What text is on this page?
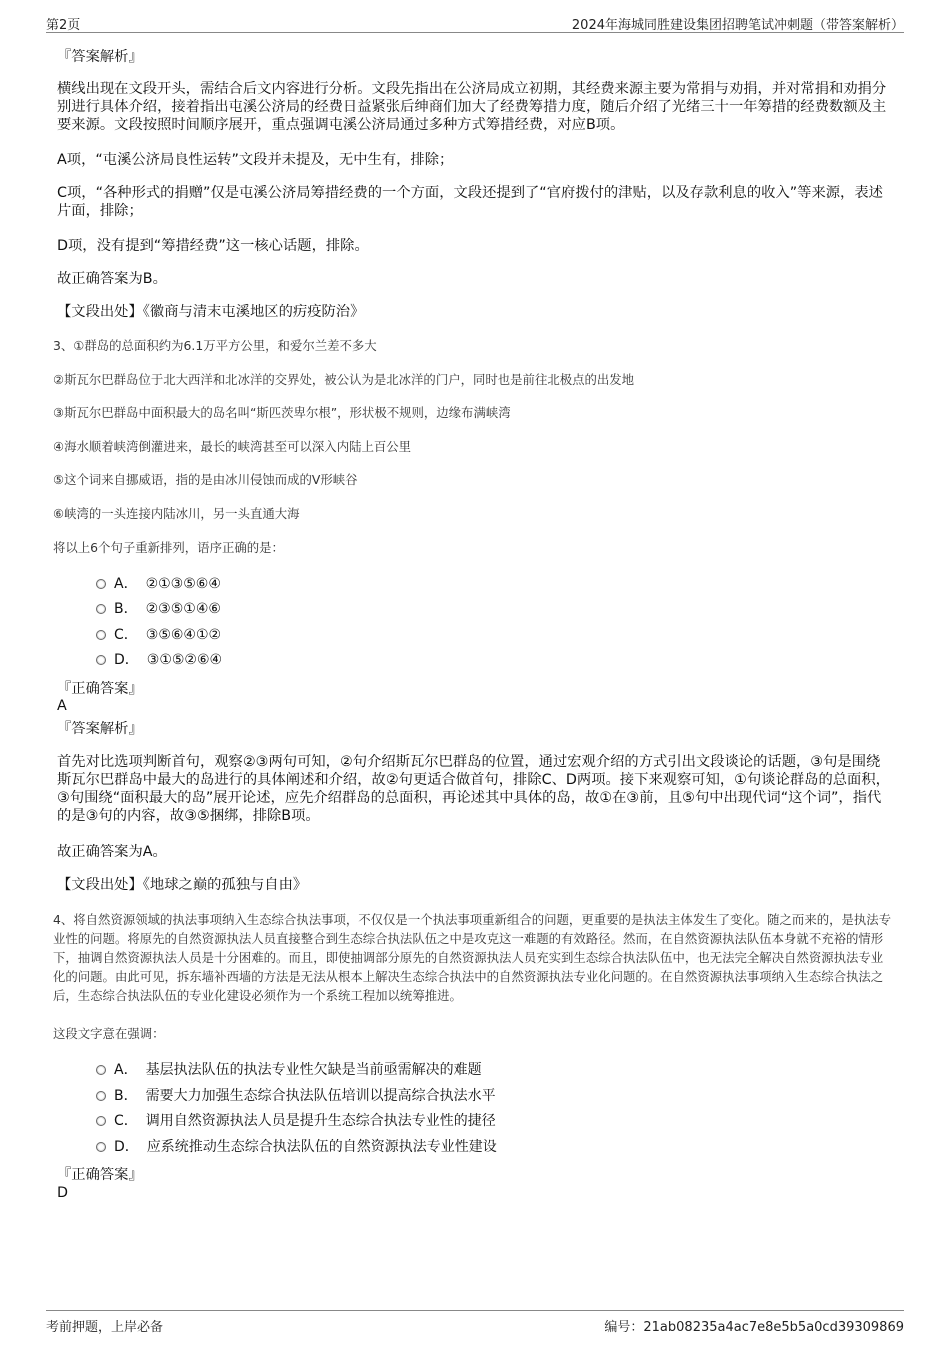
第2页	2024年海城同胜建设集团招聘笔试冲刺题（带答案解析）

『答案解析』

横线出现在文段开头，需结合后文内容进行分析。文段先指出在公济局成立初期，其经费来源主要为常捐与劝捐，并对常捐和劝捐分别进行具体介绍，接着指出屯溪公济局的经费日益紧张后绅商们加大了经费筹措力度，随后介绍了光绪三十一年筹措的经费数额及主要来源。文段按照时间顺序展开，重点强调屯溪公济局通过多种方式筹措经费，对应B项。

A项，“屯溪公济局良性运转”文段并未提及，无中生有，排除；

C项，“各种形式的捐赠”仅是屯溪公济局筹措经费的一个方面，文段还提到了“官府拨付的津贴，以及存款利息的收入”等来源，表述片面，排除；

D项，没有提到“筹措经费”这一核心话题，排除。

故正确答案为B。

【文段出处】《徽商与清末屯溪地区的疠疫防治》

3、①群岛的总面积约为6.1万平方公里，和爱尔兰差不多大

②斯瓦尔巴群岛位于北大西洋和北冰洋的交界处，被公认为是北冰洋的门户，同时也是前往北极点的出发地

③斯瓦尔巴群岛中面积最大的岛名叫“斯匹茨卑尔根”，形状极不规则，边缘布满峡湾

④海水顺着峡湾倒灌进来，最长的峡湾甚至可以深入内陆上百公里

⑤这个词来自挪威语，指的是由冰川侵蚀而成的V形峡谷

⑥峡湾的一头连接内陆冰川，另一头直通大海

将以上6个句子重新排列，语序正确的是：

A． ②①③⑤⑥④
B． ②③⑤①④⑥
C． ③⑤⑥④①②
D． ③①⑤②⑥④

『正确答案』

A

『答案解析』

首先对比选项判断首句，观察②③两句可知，②句介绍斯瓦尔巴群岛的位置，通过宏观介绍的方式引出文段谈论的话题，③句是围绕斯瓦尔巴群岛中最大的岛进行的具体阐述和介绍，故②句更适合做首句，排除C、D两项。接下来观察可知，①句谈论群岛的总面积，③句围绕“面积最大的岛”展开论述，应先介绍群岛的总面积，再论述其中具体的岛，故①在③前，且⑤句中出现代词“这个词”，指代的是③句的内容，故③⑤捆绑，排除B项。

故正确答案为A。

【文段出处】《地球之巅的孤独与自由》

4、将自然资源领域的执法事项纳入生态综合执法事项，不仅仅是一个执法事项重新组合的问题，更重要的是执法主体发生了变化。随之而来的，是执法专业性的问题。将原先的自然资源执法人员直接整合到生态综合执法队伍之中是攻克这一难题的有效路径。然而，在自然资源执法队伍本身就不充裕的情形下，抽调自然资源执法人员是十分困难的。而且，即使抽调部分原先的自然资源执法人员充实到生态综合执法队伍中，也无法完全解决自然资源执法专业化的问题。由此可见，拆东墙补西墙的方法是无法从根本上解决生态综合执法中的自然资源执法专业化问题的。在自然资源执法事项纳入生态综合执法之后，生态综合执法队伍的专业化建设必须作为一个系统工程加以统筹推进。

这段文字意在强调：

A． 基层执法队伍的执法专业性欠缺是当前亟需解决的难题
B． 需要大力加强生态综合执法队伍培训以提高综合执法水平
C． 调用自然资源执法人员是提升生态综合执法专业性的捷径
D． 应系统推动生态综合执法队伍的自然资源执法专业性建设

『正确答案』

D

考前押题，上岸必备	编号：21ab08235a4ac7e8e5b5a0cd39309869
